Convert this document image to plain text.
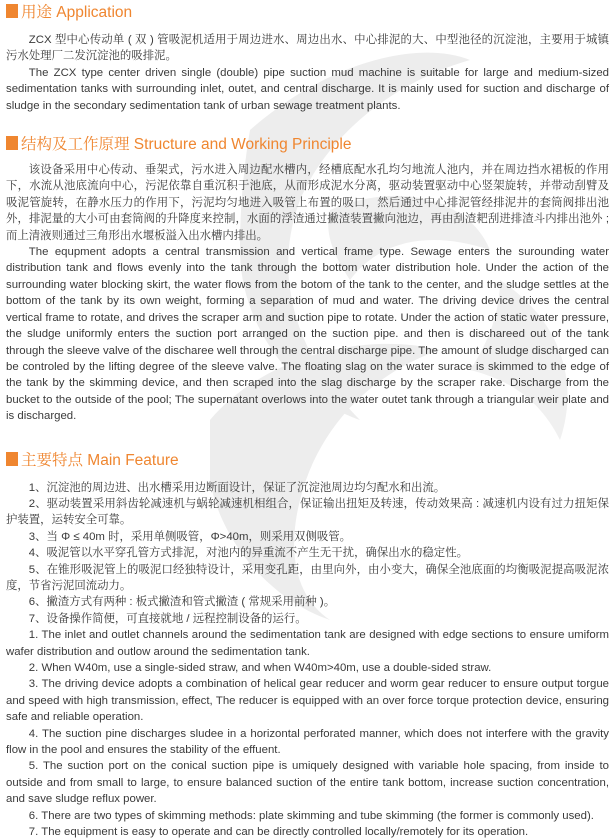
用途 Application

ZCX 型中心传动单 ( 双 ) 管吸泥机适用于周边进水、周边出水、中心排泥的大、中型池径的沉淀池，主要用于城镇污水处理厂二发沉淀池的吸排泥。

The ZCX type center driven single (double) pipe suction mud machine is suitable for large and medium-sized sedimentation tanks with surrounding inlet, outet, and central discharge. It is mainly used for suction and discharge of sludge in the secondary sedimentation tank of urban sewage treatment plants.

结构及工作原理 Structure and Working Principle

该设备采用中心传动、垂架式，污水进入周边配水槽内，经槽底配水孔均匀地流人池内，并在周边挡水裙板的作用下，水流从池底流向中心，污泥依靠自重沉积于池底，从而形成泥水分离，驱动装置驱动中心竖架旋转，并带动刮臂及吸泥管旋转，在静水压力的作用下，污泥均匀地进入吸管上布置的吸口，然后通过中心排泥管经排泥井的套筒阀排出池外，排泥量的大小可由套筒阀的升降度来控制，水面的浮渣通过撇渣装置撇向池边，再由刮渣耙刮进排渣斗内排出池外 ; 而上清液则通过三角形出水堰板溢入出水槽内排出。

The equpment adopts a central transmission and vertical frame type. Sewage enters the surounding water distribution tank and flows evenly into the tank through the bottom water distribution hole. Under the action of the surrounding water blocking skirt, the water flows from the botom of the tank to the center, and the sludge settles at the bottom of the tank by its own weight, forming a separation of mud and water. The driving device drives the central vertical frame to rotate, and drives the scraper arm and suction pipe to rotate. Under the action of static water pressure, the sludge uniformly enters the suction port arranged on the suction pipe. and then is dischareed out of the tank through the sleeve valve of the discharee well through the central discharge pipe. The amount of sludge discharged can be controled by the lifting degree of the sleeve valve. The floating slag on the water surace is skimmed to the edge of the tank by the skimming device, and then scraped into the slag discharge by the scraper rake. Discharge from the bucket to the outside of the pool; The supernatant overlows into the water outet tank through a triangular weir plate and is discharged.

主要特点 Main Feature

1、沉淀池的周边进、出水槽采用边断面设计，保证了沉淀池周边均匀配水和出流。

2、驱动装置采用斜齿轮减速机与蜗轮减速机相组合，保证输出扭矩及转速，传动效果高 : 减速机内设有过力扭矩保护装置，运转安全可靠。

3、当 Φ ≤ 40m 时，采用单侧吸管，Φ>40m，则采用双侧吸管。

4、吸泥管以水平穿孔管方式排泥，对池内的异重流不产生无干扰，确保出水的稳定性。

5、在锥形吸泥管上的吸泥口经独特设计，采用变孔距，由里向外，由小变大，确保全池底面的均衡吸泥提高吸泥浓度，节省污泥回流动力。

6、撇渣方式有两种 : 板式撇渣和管式撇渣 ( 常规采用前种 )。

7、设备操作简便，可直接就地 / 远程控制设备的运行。

1. The inlet and outlet channels around the sedimentation tank are designed with edge sections to ensure umiform wafer distribution and outlow around the sedimentation tank.

2. When W40m, use a single-sided straw, and when W40m>40m, use a double-sided straw.

3. The driving device adopts a combination of helical gear reducer and worm gear reducer to ensure output torgue and speed with high transmission, effect, The reducer is equipped with an over force torque protection device, ensuring safe and reliable operation.

4. The suction pine discharges sludee in a horizontal perforated manner, which does not interfere with the gravity flow in the pool and ensures the stability of the effuent.

5. The suction port on the conical suction pipe is umiquely designed with variable hole spacing, from inside to outside and from small to large, to ensure balanced suction of the entire tank bottom, increase suction concentration, and save sludge reflux power.

6. There are two types of skimming methods: plate skimming and tube skimming (the former is commonly used).

7. The equipment is easy to operate and can be directly controlled locally/remotely for its operation.
